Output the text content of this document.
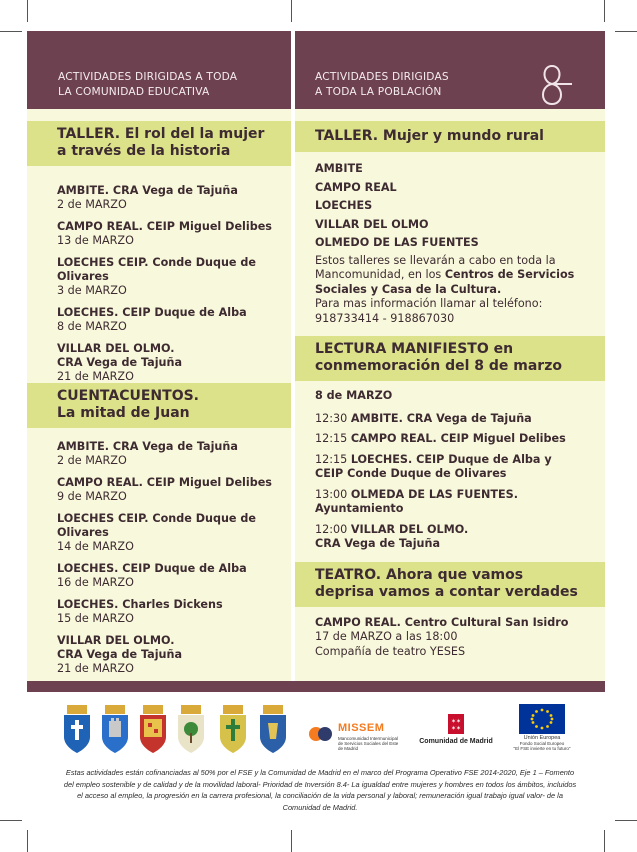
ACTIVIDADES DIRIGIDAS A TODA
LA COMUNIDAD EDUCATIVA
ACTIVIDADES DIRIGIDAS
A TODA LA POBLACIÓN
TALLER. El rol del la mujer
a través de la historia
AMBITE. CRA Vega de Tajuña
2 de MARZO
CAMPO REAL. CEIP Miguel Delibes
13 de MARZO
LOECHES CEIP. Conde Duque de Olivares
3 de MARZO
LOECHES. CEIP Duque de Alba
8 de MARZO
VILLAR DEL OLMO.
CRA Vega de Tajuña
21 de MARZO
CUENTACUENTOS.
La mitad de Juan
AMBITE. CRA Vega de Tajuña
2 de MARZO
CAMPO REAL. CEIP Miguel Delibes
9 de MARZO
LOECHES CEIP. Conde Duque de Olivares
14 de MARZO
LOECHES. CEIP Duque de Alba
16 de MARZO
LOECHES. Charles Dickens
15 de MARZO
VILLAR DEL OLMO.
CRA Vega de Tajuña
21 de MARZO
TALLER. Mujer y mundo rural
AMBITE
CAMPO REAL
LOECHES
VILLAR DEL OLMO
OLMEDO DE LAS FUENTES
Estos talleres se llevarán a cabo en toda la Mancomunidad, en los Centros de Servicios Sociales y Casa de la Cultura.
Para mas información llamar al teléfono:
918733414 - 918867030
LECTURA MANIFIESTO en
conmemoración del 8 de marzo
8 de MARZO
12:30 AMBITE. CRA Vega de Tajuña
12:15 CAMPO REAL. CEIP Miguel Delibes
12:15 LOECHES. CEIP Duque de Alba y
CEIP Conde Duque de Olivares
13:00 OLMEDA DE LAS FUENTES.
Ayuntamiento
12:00 VILLAR DEL OLMO.
CRA Vega de Tajuña
TEATRO. Ahora que vamos
deprisa vamos a contar verdades
CAMPO REAL. Centro Cultural San Isidro
17 de MARZO a las 18:00
Compañía de teatro YESES
MISSEM
Mancomunidad Intermunicipal de Servicios Sociales del Este de Madrid
✶✶
✶✶
Comunidad de Madrid	Unión Europea
Fondo Social Europeo
"El FSE invierte en tu futuro"
Estas actividades están cofinanciadas al 50% por el FSE y la Comunidad de Madrid en el marco del Programa Operativo FSE 2014-2020, Eje 1 – Fomento del empleo sostenible y de calidad y de la movilidad laboral- Prioridad de Inversión 8.4- La igualdad entre mujeres y hombres en todos los ámbitos, incluidos el acceso al empleo, la progresión en la carrera profesional, la conciliación de la vida personal y laboral; remuneración igual trabajo igual valor- de la Comunidad de Madrid.
